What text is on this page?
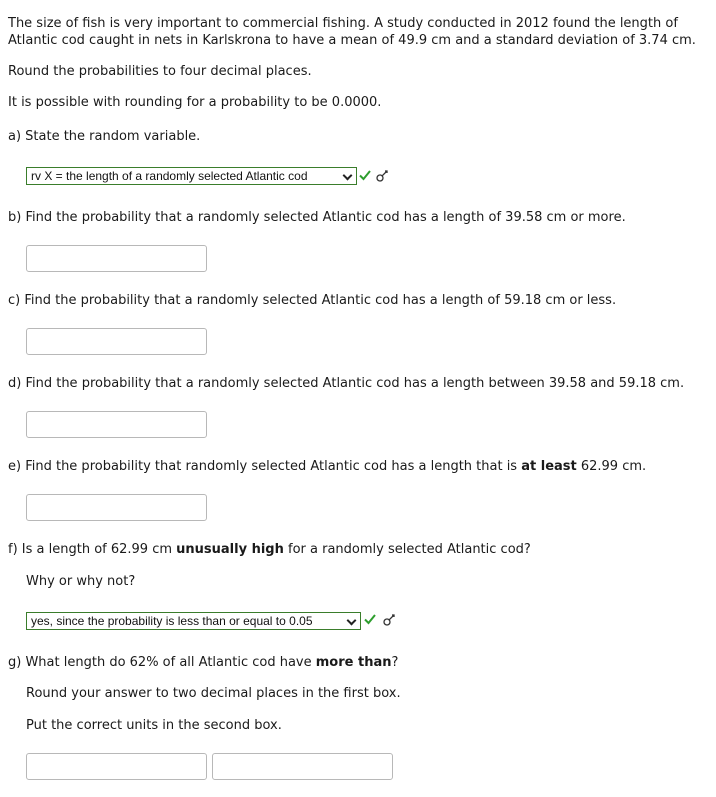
The size of fish is very important to commercial fishing. A study conducted in 2012 found the length of
Atlantic cod caught in nets in Karlskrona to have a mean of 49.9 cm and a standard deviation of 3.74 cm.
Round the probabilities to four decimal places.
It is possible with rounding for a probability to be 0.0000.
a) State the random variable.
rv X = the length of a randomly selected Atlantic cod
b) Find the probability that a randomly selected Atlantic cod has a length of 39.58 cm or more.
c) Find the probability that a randomly selected Atlantic cod has a length of 59.18 cm or less.
d) Find the probability that a randomly selected Atlantic cod has a length between 39.58 and 59.18 cm.
e) Find the probability that randomly selected Atlantic cod has a length that is at least 62.99 cm.
f) Is a length of 62.99 cm unusually high for a randomly selected Atlantic cod?
Why or why not?
yes, since the probability is less than or equal to 0.05
g) What length do 62% of all Atlantic cod have more than?
Round your answer to two decimal places in the first box.
Put the correct units in the second box.
